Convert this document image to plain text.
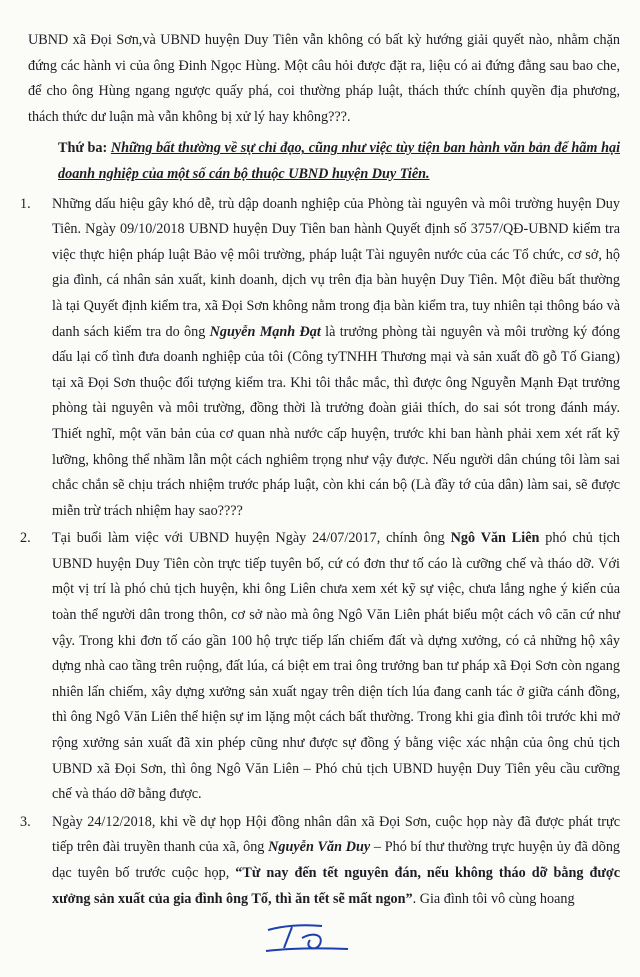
UBND xã Đọi Sơn,và UBND huyện Duy Tiên vẫn không có bất kỳ hướng giải quyết nào, nhằm chặn đứng các hành vi của ông Đinh Ngọc Hùng. Một câu hỏi được đặt ra, liệu có ai đứng đằng sau bao che, để cho ông Hùng ngang ngược quấy phá, coi thường pháp luật, thách thức chính quyền địa phương, thách thức dư luận mà vẫn không bị xử lý hay không???.

Thứ ba: Những bất thường về sự chỉ đạo, cũng như việc tùy tiện ban hành văn bản để hãm hại doanh nghiệp của một số cán bộ thuộc UBND huyện Duy Tiên.

1.	Những dấu hiệu gây khó dễ, trù dập doanh nghiệp của Phòng tài nguyên và môi trường huyện Duy Tiên. Ngày 09/10/2018 UBND huyện Duy Tiên ban hành Quyết định số 3757/QĐ-UBND kiểm tra việc thực hiện pháp luật Bảo vệ môi trường, pháp luật Tài nguyên nước của các Tổ chức, cơ sở, hộ gia đình, cá nhân sản xuất, kinh doanh, dịch vụ trên địa bàn huyện Duy Tiên. Một điều bất thường là tại Quyết định kiểm tra, xã Đọi Sơn không nằm trong địa bàn kiểm tra, tuy nhiên tại thông báo và danh sách kiểm tra do ông Nguyễn Mạnh Đạt là trưởng phòng tài nguyên và môi trường ký đóng dấu lại cố tình đưa doanh nghiệp của tôi (Công tyTNHH Thương mại và sản xuất đồ gỗ Tố Giang) tại xã Đọi Sơn thuộc đối tượng kiểm tra. Khi tôi thắc mắc, thì được ông Nguyễn Mạnh Đạt trưởng phòng tài nguyên và môi trường, đồng thời là trưởng đoàn giải thích, do sai sót trong đánh máy. Thiết nghĩ, một văn bản của cơ quan nhà nước cấp huyện, trước khi ban hành phải xem xét rất kỹ lưỡng, không thể nhầm lẫn một cách nghiêm trọng như vậy được. Nếu người dân chúng tôi làm sai chắc chắn sẽ chịu trách nhiệm trước pháp luật, còn khi cán bộ (Là đầy tớ của dân) làm sai, sẽ được miễn trừ trách nhiệm hay sao????
2.	Tại buổi làm việc với UBND huyện Ngày 24/07/2017, chính ông Ngô Văn Liên phó chủ tịch UBND huyện Duy Tiên còn trực tiếp tuyên bố, cứ có đơn thư tố cáo là cưỡng chế và tháo dỡ. Với một vị trí là phó chủ tịch huyện, khi ông Liên chưa xem xét kỹ sự việc, chưa lắng nghe ý kiến của toàn thể người dân trong thôn, cơ sở nào mà ông Ngô Văn Liên phát biểu một cách vô căn cứ như vậy. Trong khi đơn tố cáo gần 100 hộ trực tiếp lấn chiếm đất và dựng xưởng, có cả những hộ xây dựng nhà cao tầng trên ruộng, đất lúa, cá biệt em trai ông trưởng ban tư pháp xã Đọi Sơn còn ngang nhiên lấn chiếm, xây dựng xưởng sản xuất ngay trên diện tích lúa đang canh tác ở giữa cánh đồng, thì ông Ngô Văn Liên thể hiện sự im lặng một cách bất thường. Trong khi gia đình tôi trước khi mở rộng xưởng sản xuất đã xin phép cũng như được sự đồng ý bằng việc xác nhận của ông chủ tịch UBND xã Đọi Sơn, thì ông Ngô Văn Liên – Phó chủ tịch UBND huyện Duy Tiên yêu cầu cưỡng chế và tháo dỡ bằng được.
3.	Ngày 24/12/2018, khi về dự họp Hội đồng nhân dân xã Đọi Sơn, cuộc họp này đã được phát trực tiếp trên đài truyền thanh của xã, ông Nguyễn Văn Duy – Phó bí thư thường trực huyện ủy đã dõng dạc tuyên bố trước cuộc họp, “Từ nay đến tết nguyên đán, nếu không tháo dỡ bằng được xưởng sản xuất của gia đình ông Tố, thì ăn tết sẽ mất ngon”. Gia đình tôi vô cùng hoang
